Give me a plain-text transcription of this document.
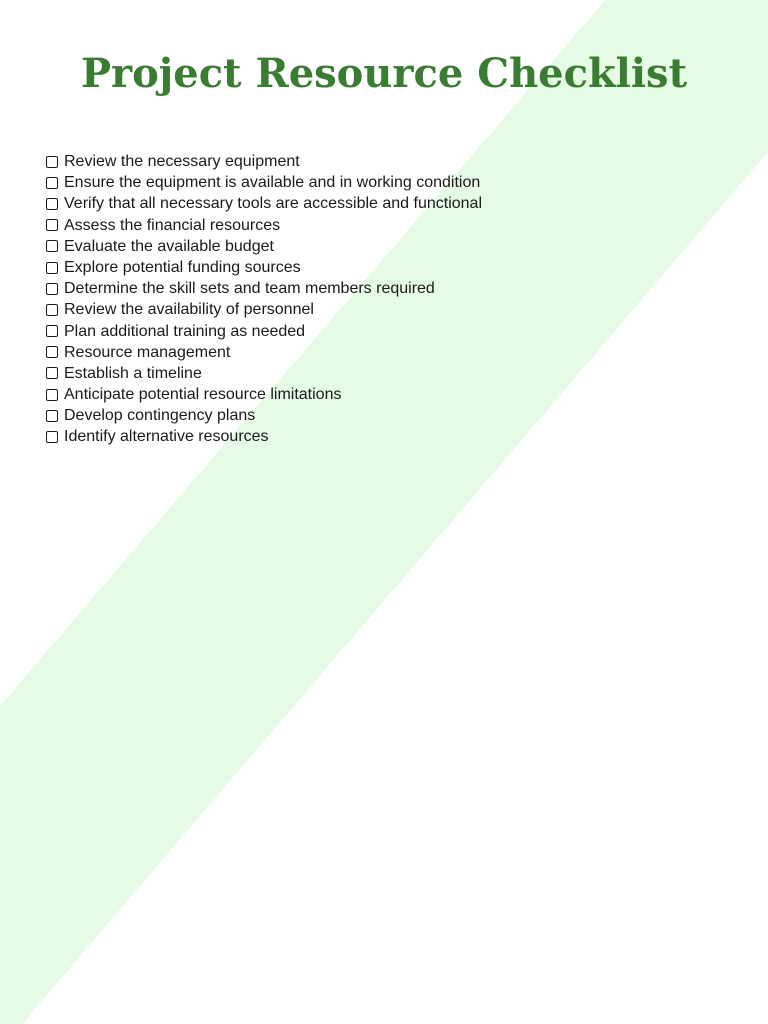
Project Resource Checklist
Review the necessary equipment
Ensure the equipment is available and in working condition
Verify that all necessary tools are accessible and functional
Assess the financial resources
Evaluate the available budget
Explore potential funding sources
Determine the skill sets and team members required
Review the availability of personnel
Plan additional training as needed
Resource management
Establish a timeline
Anticipate potential resource limitations
Develop contingency plans
Identify alternative resources
